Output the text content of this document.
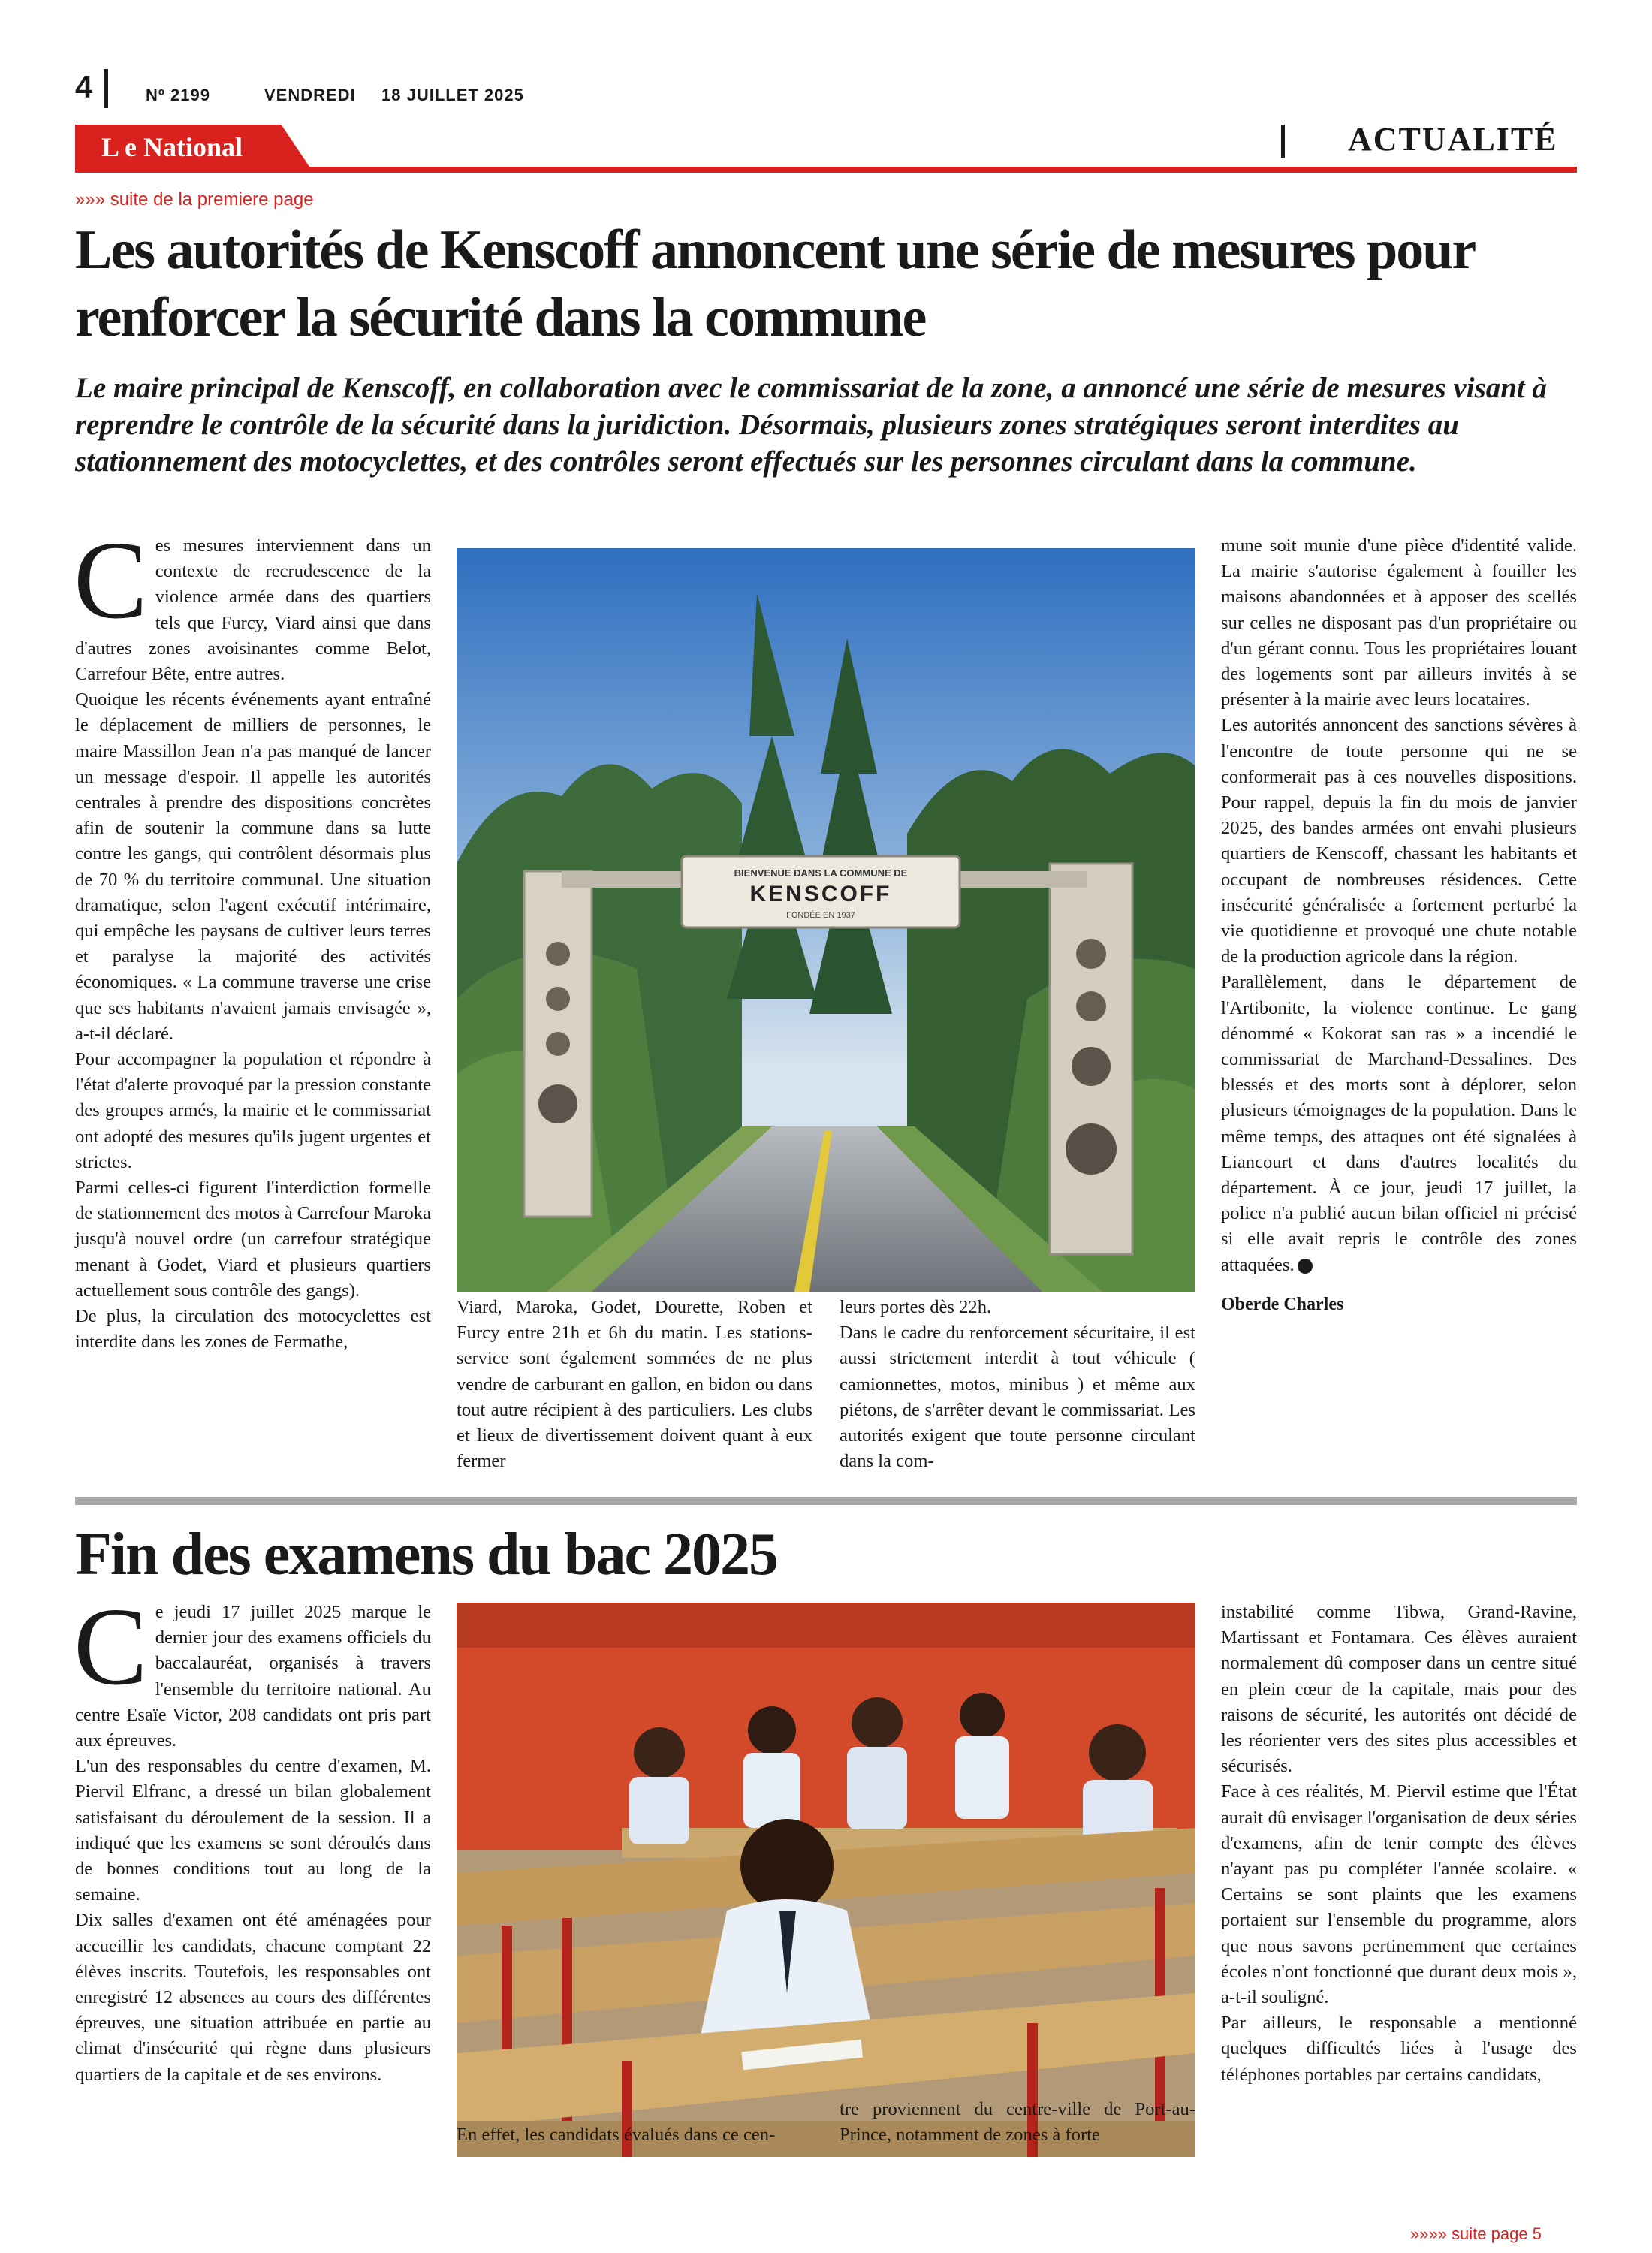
4	Nº 2199	VENDREDI 18 JUILLET 2025
L e National	ACTUALITÉ
»»» suite de la premiere page
Les autorités de Kenscoff annoncent une série de mesures pour renforcer la sécurité dans la commune

Le maire principal de Kenscoff, en collaboration avec le commissariat de la zone, a annoncé une série de mesures visant à reprendre le contrôle de la sécurité dans la juridiction. Désormais, plusieurs zones stratégiques seront interdites au stationnement des motocyclettes, et des contrôles seront effectués sur les personnes circulant dans la commune.

C es mesures interviennent dans un contexte de recrudescence de la violence armée dans des quartiers tels que Furcy, Viard ainsi que dans d'autres zones avoisinantes comme Belot, Carrefour Bête, entre autres.

Quoique les récents événements ayant entraîné le déplacement de milliers de personnes, le maire Massillon Jean n'a pas manqué de lancer un message d'espoir. Il appelle les autorités centrales à prendre des dispositions concrètes afin de soutenir la commune dans sa lutte contre les gangs, qui contrôlent désormais plus de 70 % du territoire communal. Une situation dramatique, selon l'agent exécutif intérimaire, qui empêche les paysans de cultiver leurs terres et paralyse la majorité des activités économiques. « La commune traverse une crise que ses habitants n'avaient jamais envisagée », a-t-il déclaré.

Pour accompagner la population et répondre à l'état d'alerte provoqué par la pression constante des groupes armés, la mairie et le commissariat ont adopté des mesures qu'ils jugent urgentes et strictes.

Parmi celles-ci figurent l'interdiction formelle de stationnement des motos à Carrefour Maroka jusqu'à nouvel ordre (un carrefour stratégique menant à Godet, Viard et plusieurs quartiers actuellement sous contrôle des gangs).

De plus, la circulation des motocyclettes est interdite dans les zones de Fermathe,

BIENVENUE DANS LA COMMUNE DE
KENSCOFF
FONDÉE EN 1937

Viard, Maroka, Godet, Dourette, Roben et Furcy entre 21h et 6h du matin. Les stations-service sont également sommées de ne plus vendre de carburant en gallon, en bidon ou dans tout autre récipient à des particuliers. Les clubs et lieux de divertissement doivent quant à eux fermer

leurs portes dès 22h.

Dans le cadre du renforcement sécuritaire, il est aussi strictement interdit à tout véhicule ( camionnettes, motos, minibus ) et même aux piétons, de s'arrêter devant le commissariat. Les autorités exigent que toute personne circulant dans la com-

mune soit munie d'une pièce d'identité valide. La mairie s'autorise également à fouiller les maisons abandonnées et à apposer des scellés sur celles ne disposant pas d'un propriétaire ou d'un gérant connu. Tous les propriétaires louant des logements sont par ailleurs invités à se présenter à la mairie avec leurs locataires.

Les autorités annoncent des sanctions sévères à l'encontre de toute personne qui ne se conformerait pas à ces nouvelles dispositions. Pour rappel, depuis la fin du mois de janvier 2025, des bandes armées ont envahi plusieurs quartiers de Kenscoff, chassant les habitants et occupant de nombreuses résidences. Cette insécurité généralisée a fortement perturbé la vie quotidienne et provoqué une chute notable de la production agricole dans la région.

Parallèlement, dans le département de l'Artibonite, la violence continue. Le gang dénommé « Kokorat san ras » a incendié le commissariat de Marchand-Dessalines. Des blessés et des morts sont à déplorer, selon plusieurs témoignages de la population. Dans le même temps, des attaques ont été signalées à Liancourt et dans d'autres localités du département. À ce jour, jeudi 17 juillet, la police n'a publié aucun bilan officiel ni précisé si elle avait repris le contrôle des zones attaquées.

Oberde Charles

Fin des examens du bac 2025
C e jeudi 17 juillet 2025 marque le dernier jour des examens officiels du baccalauréat, organisés à travers l'ensemble du territoire national. Au centre Esaïe Victor, 208 candidats ont pris part aux épreuves.

L'un des responsables du centre d'examen, M. Piervil Elfranc, a dressé un bilan globalement satisfaisant du déroulement de la session. Il a indiqué que les examens se sont déroulés dans de bonnes conditions tout au long de la semaine.

Dix salles d'examen ont été aménagées pour accueillir les candidats, chacune comptant 22 élèves inscrits. Toutefois, les responsables ont enregistré 12 absences au cours des différentes épreuves, une situation attribuée en partie au climat d'insécurité qui règne dans plusieurs quartiers de la capitale et de ses environs.

En effet, les candidats évalués dans ce cen-

tre proviennent du centre-ville de Port-au-Prince, notamment de zones à forte

instabilité comme Tibwa, Grand-Ravine, Martissant et Fontamara. Ces élèves auraient normalement dû composer dans un centre situé en plein cœur de la capitale, mais pour des raisons de sécurité, les autorités ont décidé de les réorienter vers des sites plus accessibles et sécurisés.

Face à ces réalités, M. Piervil estime que l'État aurait dû envisager l'organisation de deux séries d'examens, afin de tenir compte des élèves n'ayant pas pu compléter l'année scolaire. « Certains se sont plaints que les examens portaient sur l'ensemble du programme, alors que nous savons pertinemment que certaines écoles n'ont fonctionné que durant deux mois », a-t-il souligné.

Par ailleurs, le responsable a mentionné quelques difficultés liées à l'usage des téléphones portables par certains candidats,

»»»» suite page 5
